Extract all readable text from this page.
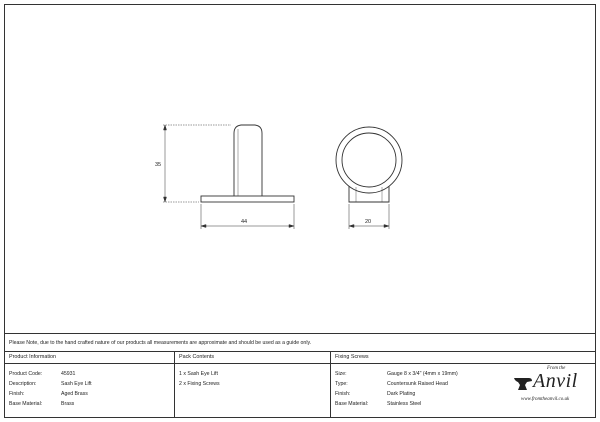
35
44	20
Please Note, due to the hand crafted nature of our products all measurements are approximate and should be used as a guide only.
Product Information
Product Code:	45931
Description:	Sash Eye Lift
Finish:	Aged Brass
Base Material:	Brass
Pack Contents
1 x Sash Eye Lift
2 x Fixing Screws
Fixing Screws
Size:	Gauge 8 x 3/4" (4mm x 19mm)
Type:	Countersunk Raised Head
Finish:	Dark Plating
Base Material:	Stainless Steel
From the
Anvil
www.fromtheanvil.co.uk
